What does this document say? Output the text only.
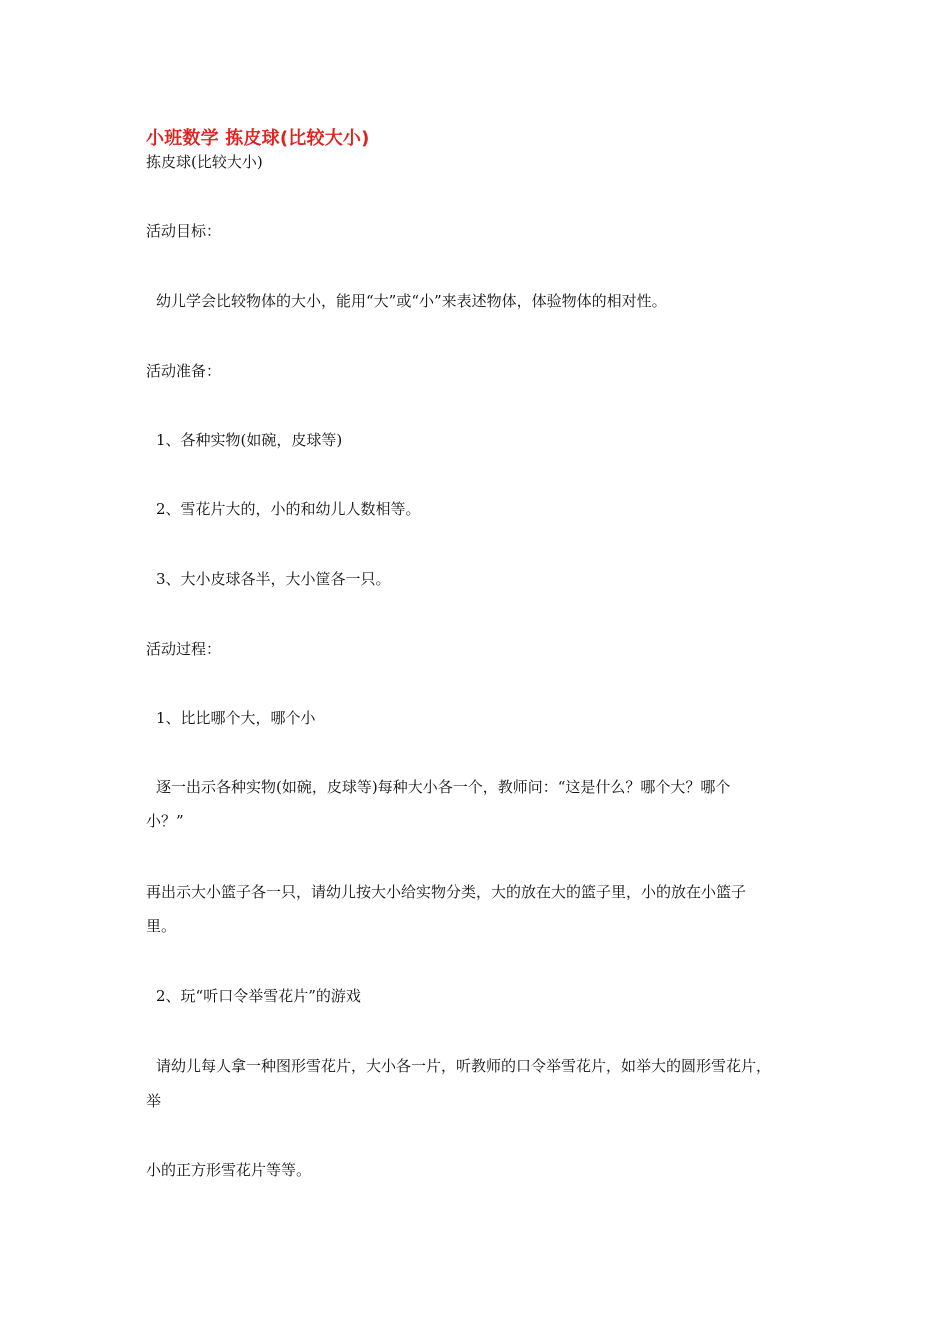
小班数学 拣皮球(比较大小)
拣皮球(比较大小)
活动目标：
幼儿学会比较物体的大小，能用“大”或“小”来表述物体，体验物体的相对性。
活动准备：
1、各种实物(如碗，皮球等)
2、雪花片大的，小的和幼儿人数相等。
3、大小皮球各半，大小筐各一只。
活动过程：
1、比比哪个大，哪个小
逐一出示各种实物(如碗，皮球等)每种大小各一个，教师问：“这是什么？哪个大？哪个
小？”
再出示大小篮子各一只，请幼儿按大小给实物分类，大的放在大的篮子里，小的放在小篮子
里。
2、玩“听口令举雪花片”的游戏
请幼儿每人拿一种图形雪花片，大小各一片，听教师的口令举雪花片，如举大的圆形雪花片，
举
小的正方形雪花片等等。
